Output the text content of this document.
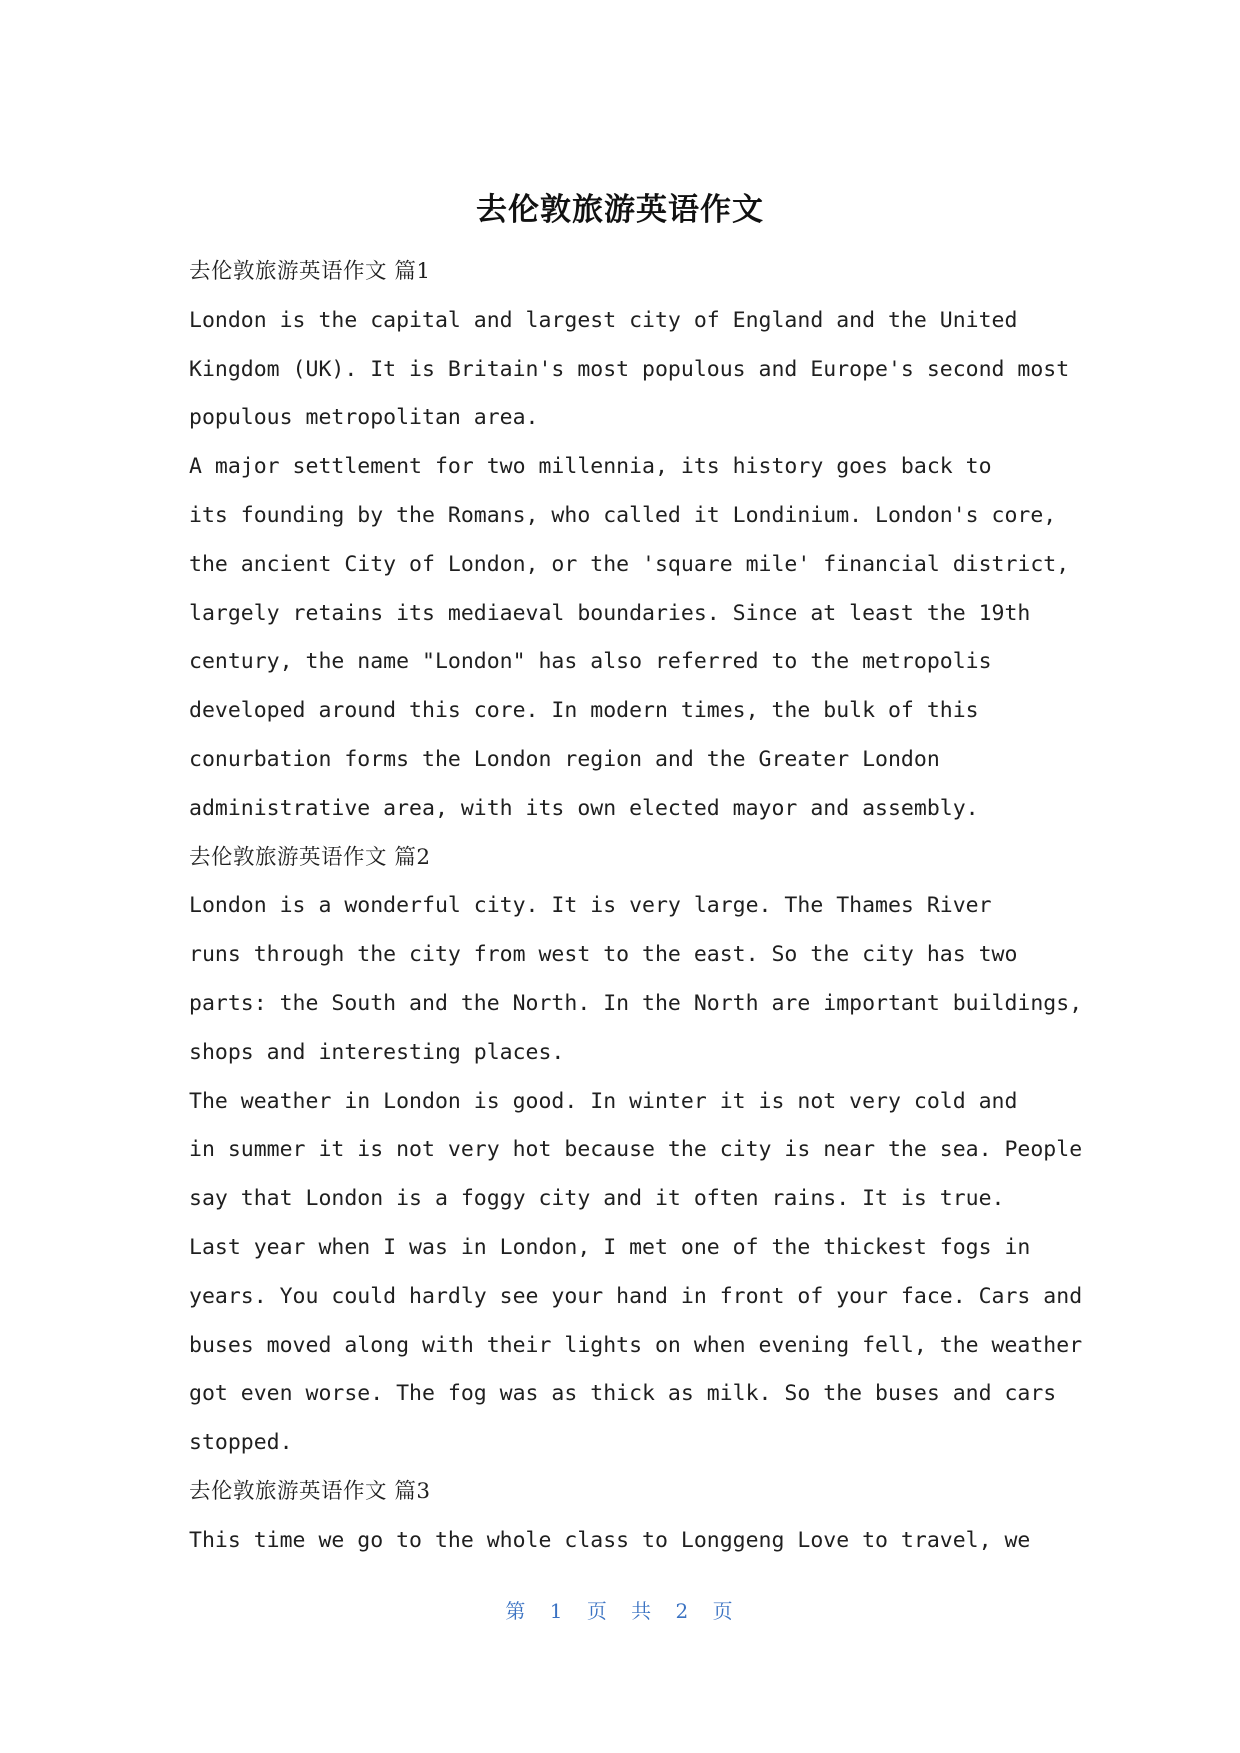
去伦敦旅游英语作文

去伦敦旅游英语作文 篇1

London is the capital and largest city of England and the United

Kingdom (UK). It is Britain's most populous and Europe's second most

populous metropolitan area.

A major settlement for two millennia, its history goes back to

its founding by the Romans, who called it Londinium. London's core,

the ancient City of London, or the 'square mile' financial district,

largely retains its mediaeval boundaries. Since at least the 19th

century, the name "London" has also referred to the metropolis

developed around this core. In modern times, the bulk of this

conurbation forms the London region and the Greater London

administrative area, with its own elected mayor and assembly.

去伦敦旅游英语作文 篇2

London is a wonderful city. It is very large. The Thames River

runs through the city from west to the east. So the city has two

parts: the South and the North. In the North are important buildings,

shops and interesting places.

The weather in London is good. In winter it is not very cold and

in summer it is not very hot because the city is near the sea. People

say that London is a foggy city and it often rains. It is true.

Last year when I was in London, I met one of the thickest fogs in

years. You could hardly see your hand in front of your face. Cars and

buses moved along with their lights on when evening fell, the weather

got even worse. The fog was as thick as milk. So the buses and cars

stopped.

去伦敦旅游英语作文 篇3

This time we go to the whole class to Longgeng Love to travel, we

第 1 页 共 2 页
